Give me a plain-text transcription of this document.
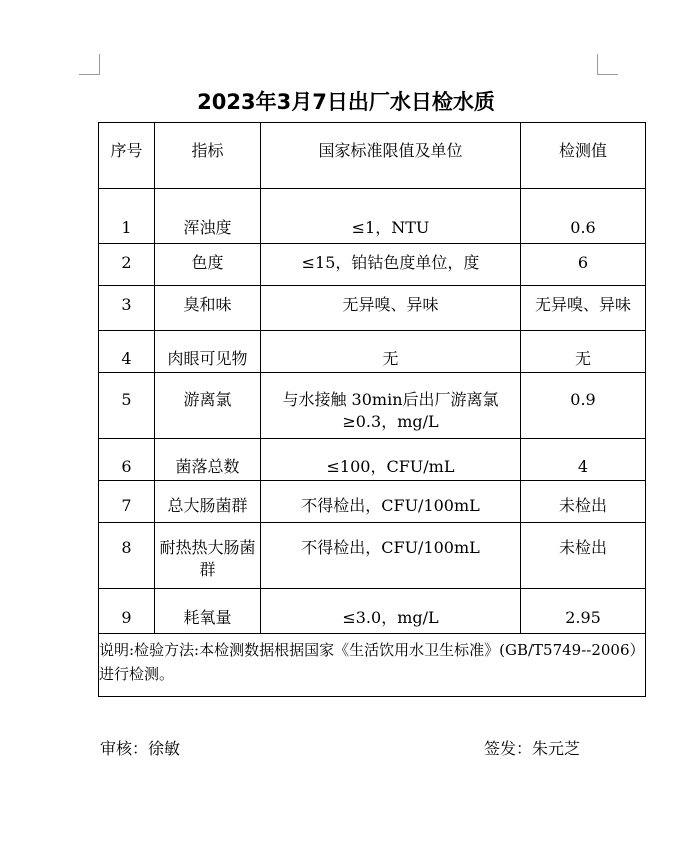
2023年3月7日出厂水日检水质
序号	指标	国家标准限值及单位	检测值
1	浑浊度	≤1，NTU	0.6
2	色度	≤15，铂钴色度单位，度	6
3	臭和味	无异嗅、异味	无异嗅、异味
4	肉眼可见物	无	无
5	游离氯	与水接触 30min后出厂游离氯≥0.3，mg/L	0.9
6	菌落总数	≤100，CFU/mL	4
7	总大肠菌群	不得检出，CFU/100mL	未检出
8	耐热热大肠菌群	不得检出，CFU/100mL	未检出
9	耗氧量	≤3.0，mg/L	2.95
说明:检验方法:本检测数据根据国家《生活饮用水卫生标准》(GB/T5749--2006）进行检测。			
审核：徐敏	签发：朱元芝
